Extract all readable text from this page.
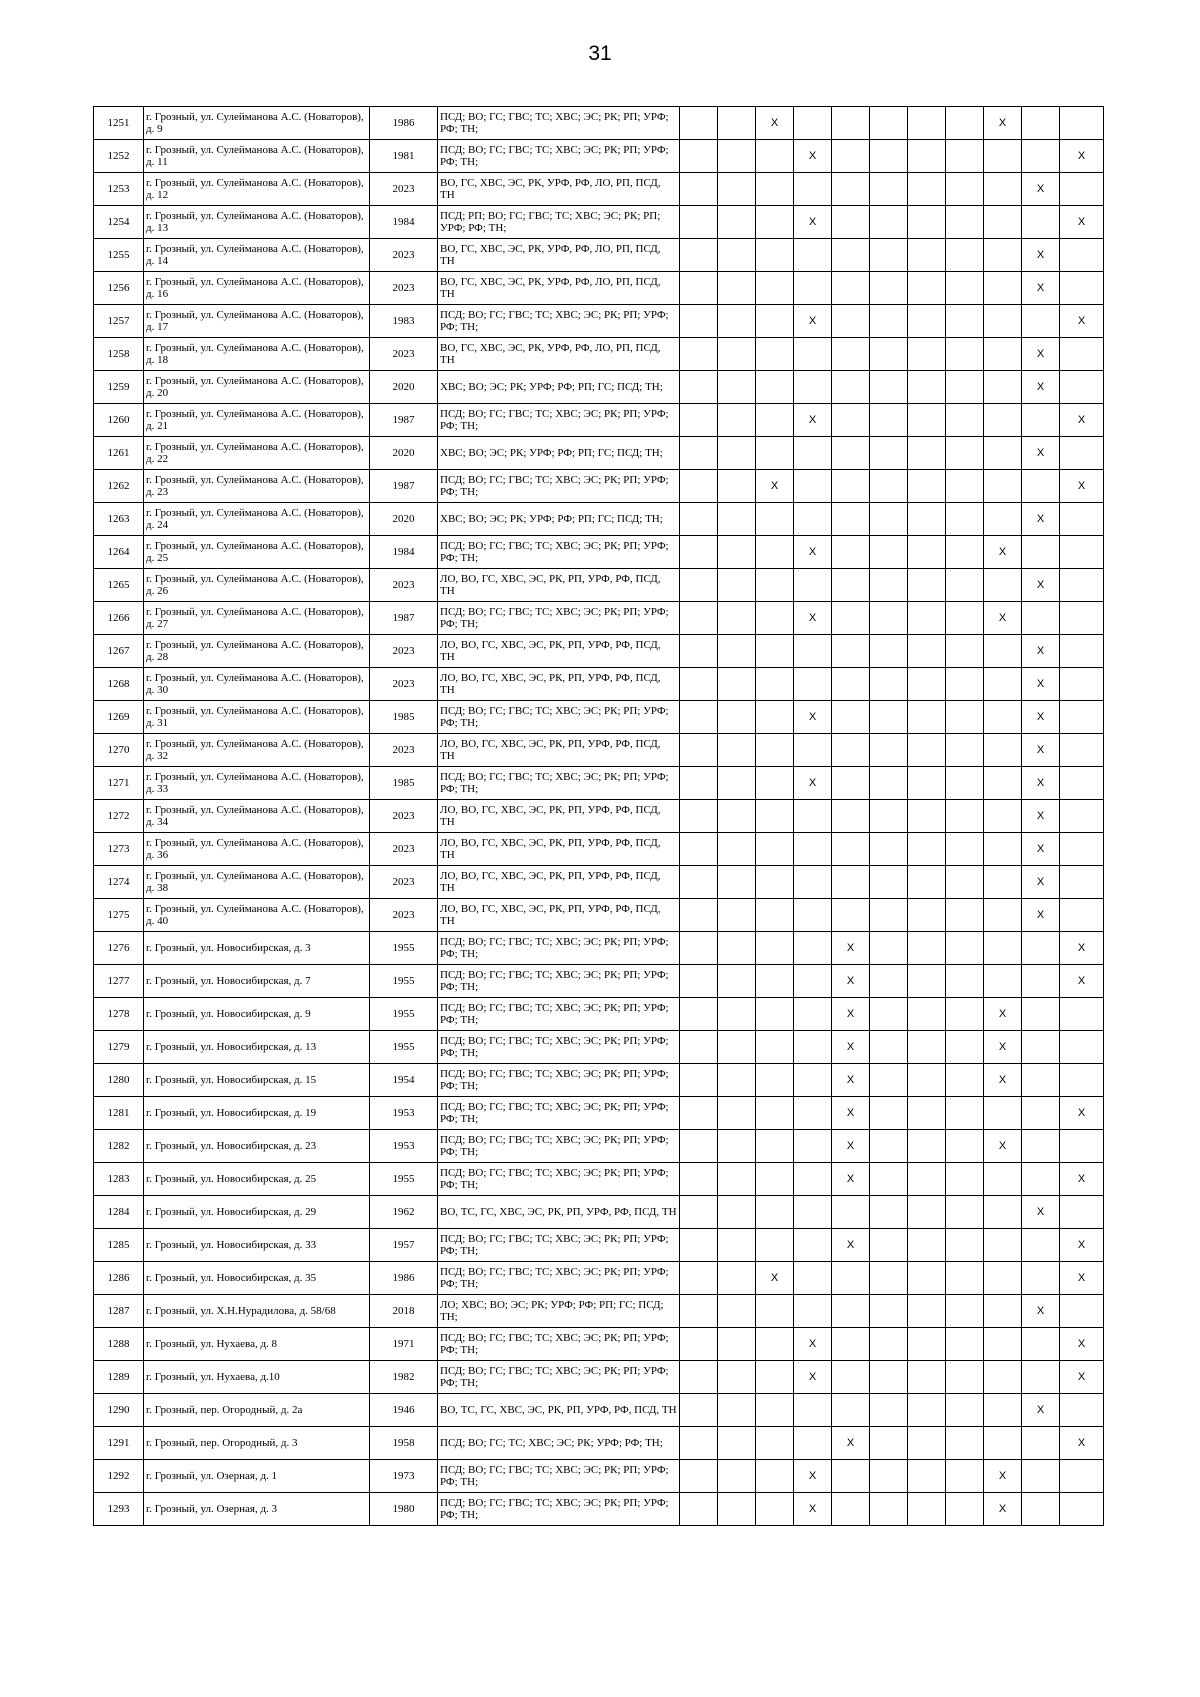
31
1251	г. Грозный, ул. Сулейманова А.С. (Новаторов), д. 9	1986	ПСД; ВО; ГС; ГВС; ТС; ХВС; ЭС; РК; РП; УРФ; РФ; ТН;			X						X		
1252	г. Грозный, ул. Сулейманова А.С. (Новаторов), д. 11	1981	ПСД; ВО; ГС; ГВС; ТС; ХВС; ЭС; РК; РП; УРФ; РФ; ТН;				X							X
1253	г. Грозный, ул. Сулейманова А.С. (Новаторов), д. 12	2023	ВО, ГС, ХВС, ЭС, РК, УРФ, РФ, ЛО, РП, ПСД, ТН										X	
1254	г. Грозный, ул. Сулейманова А.С. (Новаторов), д. 13	1984	ПСД; РП; ВО; ГС; ГВС; ТС; ХВС; ЭС; РК; РП; УРФ; РФ; ТН;				X							X
1255	г. Грозный, ул. Сулейманова А.С. (Новаторов), д. 14	2023	ВО, ГС, ХВС, ЭС, РК, УРФ, РФ, ЛО, РП, ПСД, ТН										X	
1256	г. Грозный, ул. Сулейманова А.С. (Новаторов), д. 16	2023	ВО, ГС, ХВС, ЭС, РК, УРФ, РФ, ЛО, РП, ПСД, ТН										X	
1257	г. Грозный, ул. Сулейманова А.С. (Новаторов), д. 17	1983	ПСД; ВО; ГС; ГВС; ТС; ХВС; ЭС; РК; РП; УРФ; РФ; ТН;				X							X
1258	г. Грозный, ул. Сулейманова А.С. (Новаторов), д. 18	2023	ВО, ГС, ХВС, ЭС, РК, УРФ, РФ, ЛО, РП, ПСД, ТН										X	
1259	г. Грозный, ул. Сулейманова А.С. (Новаторов), д. 20	2020	ХВС; ВО; ЭС; РК; УРФ; РФ; РП; ГС; ПСД; ТН;										X	
1260	г. Грозный, ул. Сулейманова А.С. (Новаторов), д. 21	1987	ПСД; ВО; ГС; ГВС; ТС; ХВС; ЭС; РК; РП; УРФ; РФ; ТН;				X							X
1261	г. Грозный, ул. Сулейманова А.С. (Новаторов), д. 22	2020	ХВС; ВО; ЭС; РК; УРФ; РФ; РП; ГС; ПСД; ТН;										X	
1262	г. Грозный, ул. Сулейманова А.С. (Новаторов), д. 23	1987	ПСД; ВО; ГС; ГВС; ТС; ХВС; ЭС; РК; РП; УРФ; РФ; ТН;			X								X
1263	г. Грозный, ул. Сулейманова А.С. (Новаторов), д. 24	2020	ХВС; ВО; ЭС; РК; УРФ; РФ; РП; ГС; ПСД; ТН;										X	
1264	г. Грозный, ул. Сулейманова А.С. (Новаторов), д. 25	1984	ПСД; ВО; ГС; ГВС; ТС; ХВС; ЭС; РК; РП; УРФ; РФ; ТН;				X					X		
1265	г. Грозный, ул. Сулейманова А.С. (Новаторов), д. 26	2023	ЛО, ВО, ГС, ХВС, ЭС, РК, РП, УРФ, РФ, ПСД, ТН										X	
1266	г. Грозный, ул. Сулейманова А.С. (Новаторов), д. 27	1987	ПСД; ВО; ГС; ГВС; ТС; ХВС; ЭС; РК; РП; УРФ; РФ; ТН;				X					X		
1267	г. Грозный, ул. Сулейманова А.С. (Новаторов), д. 28	2023	ЛО, ВО, ГС, ХВС, ЭС, РК, РП, УРФ, РФ, ПСД, ТН										X	
1268	г. Грозный, ул. Сулейманова А.С. (Новаторов), д. 30	2023	ЛО, ВО, ГС, ХВС, ЭС, РК, РП, УРФ, РФ, ПСД, ТН										X	
1269	г. Грозный, ул. Сулейманова А.С. (Новаторов), д. 31	1985	ПСД; ВО; ГС; ГВС; ТС; ХВС; ЭС; РК; РП; УРФ; РФ; ТН;				X						X	
1270	г. Грозный, ул. Сулейманова А.С. (Новаторов), д. 32	2023	ЛО, ВО, ГС, ХВС, ЭС, РК, РП, УРФ, РФ, ПСД, ТН										X	
1271	г. Грозный, ул. Сулейманова А.С. (Новаторов), д. 33	1985	ПСД; ВО; ГС; ГВС; ТС; ХВС; ЭС; РК; РП; УРФ; РФ; ТН;				X						X	
1272	г. Грозный, ул. Сулейманова А.С. (Новаторов), д. 34	2023	ЛО, ВО, ГС, ХВС, ЭС, РК, РП, УРФ, РФ, ПСД, ТН										X	
1273	г. Грозный, ул. Сулейманова А.С. (Новаторов), д. 36	2023	ЛО, ВО, ГС, ХВС, ЭС, РК, РП, УРФ, РФ, ПСД, ТН										X	
1274	г. Грозный, ул. Сулейманова А.С. (Новаторов), д. 38	2023	ЛО, ВО, ГС, ХВС, ЭС, РК, РП, УРФ, РФ, ПСД, ТН										X	
1275	г. Грозный, ул. Сулейманова А.С. (Новаторов), д. 40	2023	ЛО, ВО, ГС, ХВС, ЭС, РК, РП, УРФ, РФ, ПСД, ТН										X	
1276	г. Грозный, ул. Новосибирская, д. 3	1955	ПСД; ВО; ГС; ГВС; ТС; ХВС; ЭС; РК; РП; УРФ; РФ; ТН;					X						X
1277	г. Грозный, ул. Новосибирская, д. 7	1955	ПСД; ВО; ГС; ГВС; ТС; ХВС; ЭС; РК; РП; УРФ; РФ; ТН;					X						X
1278	г. Грозный, ул. Новосибирская, д. 9	1955	ПСД; ВО; ГС; ГВС; ТС; ХВС; ЭС; РК; РП; УРФ; РФ; ТН;					X				X		
1279	г. Грозный, ул. Новосибирская, д. 13	1955	ПСД; ВО; ГС; ГВС; ТС; ХВС; ЭС; РК; РП; УРФ; РФ; ТН;					X				X		
1280	г. Грозный, ул. Новосибирская, д. 15	1954	ПСД; ВО; ГС; ГВС; ТС; ХВС; ЭС; РК; РП; УРФ; РФ; ТН;					X				X		
1281	г. Грозный, ул. Новосибирская, д. 19	1953	ПСД; ВО; ГС; ГВС; ТС; ХВС; ЭС; РК; РП; УРФ; РФ; ТН;					X						X
1282	г. Грозный, ул. Новосибирская, д. 23	1953	ПСД; ВО; ГС; ГВС; ТС; ХВС; ЭС; РК; РП; УРФ; РФ; ТН;					X				X		
1283	г. Грозный, ул. Новосибирская, д. 25	1955	ПСД; ВО; ГС; ГВС; ТС; ХВС; ЭС; РК; РП; УРФ; РФ; ТН;					X						X
1284	г. Грозный, ул. Новосибирская, д. 29	1962	ВО, ТС, ГС, ХВС, ЭС, РК, РП, УРФ, РФ, ПСД, ТН										X	
1285	г. Грозный, ул. Новосибирская, д. 33	1957	ПСД; ВО; ГС; ГВС; ТС; ХВС; ЭС; РК; РП; УРФ; РФ; ТН;					X						X
1286	г. Грозный, ул. Новосибирская, д. 35	1986	ПСД; ВО; ГС; ГВС; ТС; ХВС; ЭС; РК; РП; УРФ; РФ; ТН;			X								X
1287	г. Грозный, ул. Х.Н.Нурадилова, д. 58/68	2018	ЛО; ХВС; ВО; ЭС; РК; УРФ; РФ; РП; ГС; ПСД; ТН;										X	
1288	г. Грозный, ул. Нухаева, д. 8	1971	ПСД; ВО; ГС; ГВС; ТС; ХВС; ЭС; РК; РП; УРФ; РФ; ТН;				X							X
1289	г. Грозный, ул. Нухаева, д.10	1982	ПСД; ВО; ГС; ГВС; ТС; ХВС; ЭС; РК; РП; УРФ; РФ; ТН;				X							X
1290	г. Грозный, пер. Огородный, д. 2а	1946	ВО, ТС, ГС, ХВС, ЭС, РК, РП, УРФ, РФ, ПСД, ТН										X	
1291	г. Грозный, пер. Огородный, д. 3	1958	ПСД; ВО; ГС; ТС; ХВС; ЭС; РК; УРФ; РФ; ТН;					X						X
1292	г. Грозный, ул. Озерная, д. 1	1973	ПСД; ВО; ГС; ГВС; ТС; ХВС; ЭС; РК; РП; УРФ; РФ; ТН;				X					X		
1293	г. Грозный, ул. Озерная, д. 3	1980	ПСД; ВО; ГС; ГВС; ТС; ХВС; ЭС; РК; РП; УРФ; РФ; ТН;				X					X		
